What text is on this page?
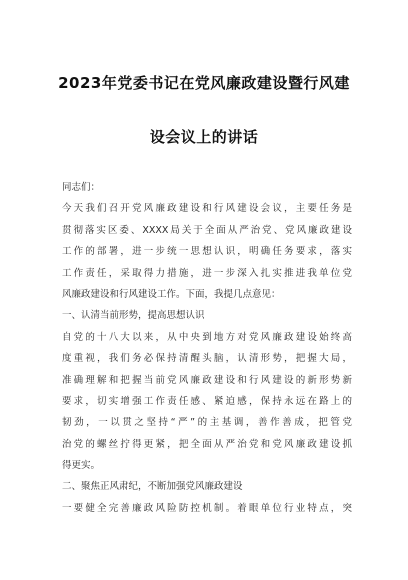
2023年党委书记在党风廉政建设暨行风建
设会议上的讲话
同志们：
今天我们召开党风廉政建设和行风建设会议，主要任务是
贯彻落实区委、XXXX局关于全面从严治党、党风廉政建设
工作的部署，进一步统一思想认识，明确任务要求，落实
工作责任，采取得力措施，进一步深入扎实推进我单位党
风廉政建设和行风建设工作。下面，我提几点意见：
一、认清当前形势，提高思想认识
自党的十八大以来，从中央到地方对党风廉政建设始终高
度重视，我们务必保持清醒头脑，认清形势，把握大局，
准确理解和把握当前党风廉政建设和行风建设的新形势新
要求，切实增强工作责任感、紧迫感，保持永远在路上的
韧劲，一以贯之坚持“严”的主基调，善作善成，把管党
治党的螺丝拧得更紧，把全面从严治党和党风廉政建设抓
得更实。
二、聚焦正风肃纪，不断加强党风廉政建设
一要健全完善廉政风险防控机制。着眼单位行业特点，突
